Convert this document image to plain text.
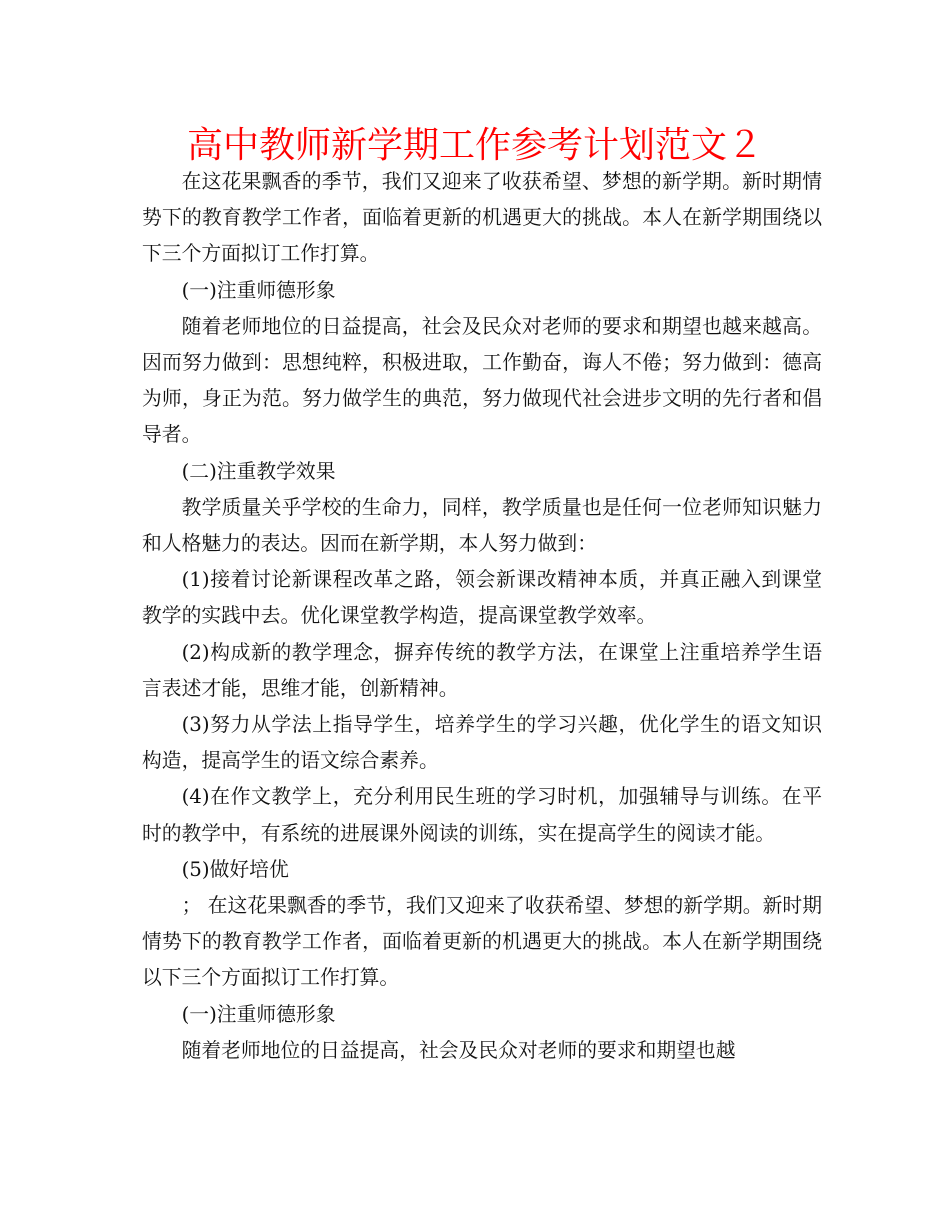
高中教师新学期工作参考计划范文２

在这花果飘香的季节，我们又迎来了收获希望、梦想的新学期。新时期情势下的教育教学工作者，面临着更新的机遇更大的挑战。本人在新学期围绕以下三个方面拟订工作打算。

(一)注重师德形象

随着老师地位的日益提高，社会及民众对老师的要求和期望也越来越高。因而努力做到：思想纯粹，积极进取，工作勤奋，诲人不倦；努力做到：德高为师，身正为范。努力做学生的典范，努力做现代社会进步文明的先行者和倡导者。

(二)注重教学效果

教学质量关乎学校的生命力，同样，教学质量也是任何一位老师知识魅力和人格魅力的表达。因而在新学期，本人努力做到：

(1)接着讨论新课程改革之路，领会新课改精神本质，并真正融入到课堂教学的实践中去。优化课堂教学构造，提高课堂教学效率。

(2)构成新的教学理念，摒弃传统的教学方法，在课堂上注重培养学生语言表述才能，思维才能，创新精神。

(3)努力从学法上指导学生，培养学生的学习兴趣，优化学生的语文知识构造，提高学生的语文综合素养。

(4)在作文教学上，充分利用民生班的学习时机，加强辅导与训练。在平时的教学中，有系统的进展课外阅读的训练，实在提高学生的阅读才能。

(5)做好培优

； 在这花果飘香的季节，我们又迎来了收获希望、梦想的新学期。新时期情势下的教育教学工作者，面临着更新的机遇更大的挑战。本人在新学期围绕以下三个方面拟订工作打算。

(一)注重师德形象

随着老师地位的日益提高，社会及民众对老师的要求和期望也越
